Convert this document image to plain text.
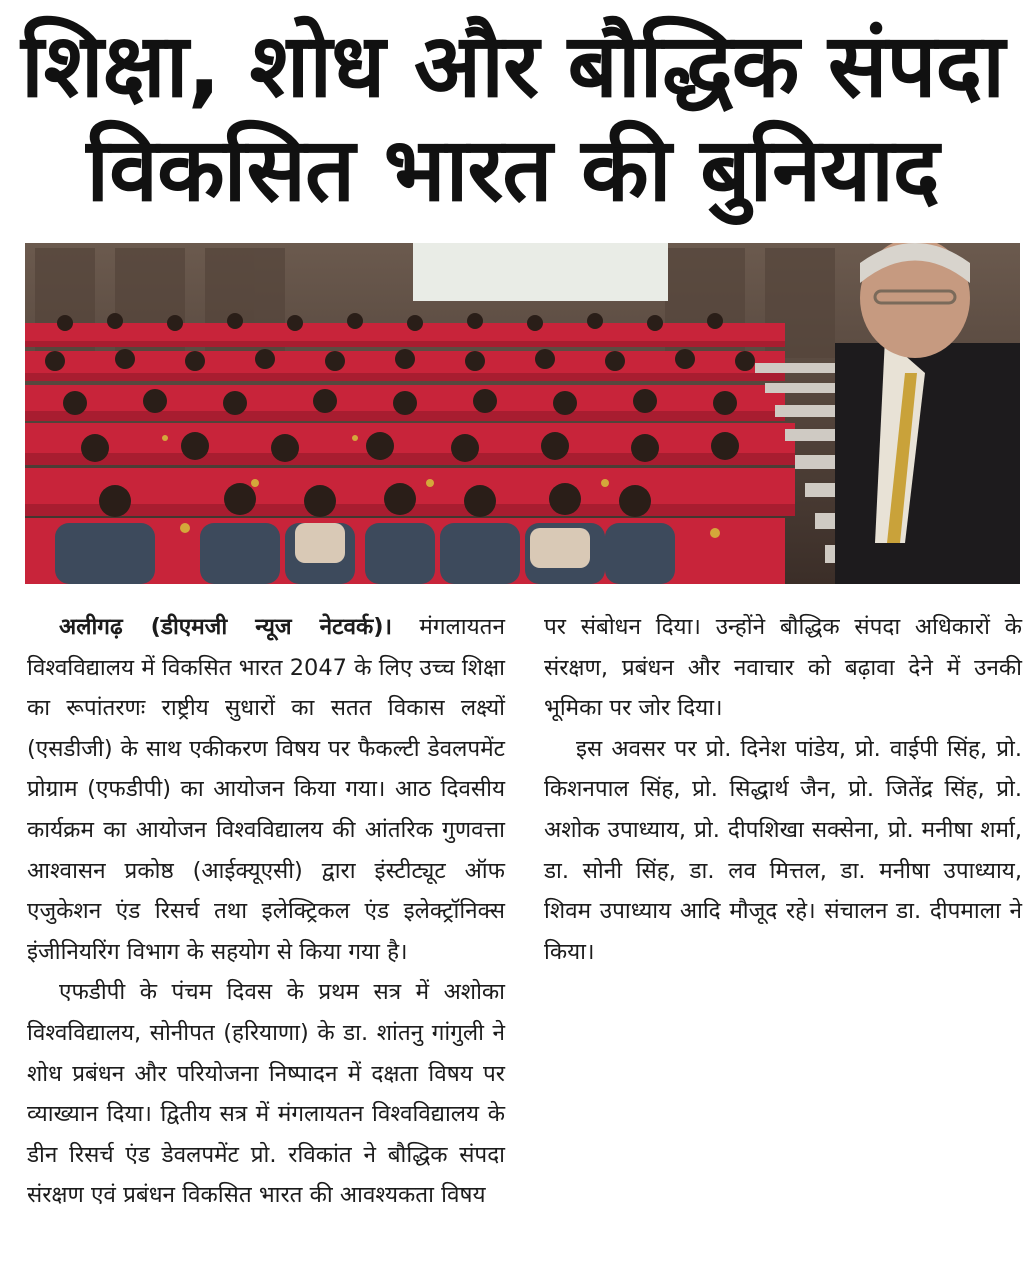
शिक्षा, शोध और बौद्धिक संपदा
विकसित भारत की बुनियाद

अलीगढ़ (डीएमजी न्यूज नेटवर्क)। मंगलायतन विश्वविद्यालय में विकसित भारत 2047 के लिए उच्च शिक्षा का रूपांतरणः राष्ट्रीय सुधारों का सतत विकास लक्ष्यों (एसडीजी) के साथ एकीकरण विषय पर फैकल्टी डेवलपमेंट प्रोग्राम (एफडीपी) का आयोजन किया गया। आठ दिवसीय कार्यक्रम का आयोजन विश्वविद्यालय की आंतरिक गुणवत्ता आश्वासन प्रकोष्ठ (आईक्यूएसी) द्वारा इंस्टीट्यूट ऑफ एजुकेशन एंड रिसर्च तथा इलेक्ट्रिकल एंड इलेक्ट्रॉनिक्स इंजीनियरिंग विभाग के सहयोग से किया गया है।

एफडीपी के पंचम दिवस के प्रथम सत्र में अशोका विश्वविद्यालय, सोनीपत (हरियाणा) के डा. शांतनु गांगुली ने शोध प्रबंधन और परियोजना निष्पादन में दक्षता विषय पर व्याख्यान दिया। द्वितीय सत्र में मंगलायतन विश्वविद्यालय के डीन रिसर्च एंड डेवलपमेंट प्रो. रविकांत ने बौद्धिक संपदा संरक्षण एवं प्रबंधन विकसित भारत की आवश्यकता विषय

पर संबोधन दिया। उन्होंने बौद्धिक संपदा अधिकारों के संरक्षण, प्रबंधन और नवाचार को बढ़ावा देने में उनकी भूमिका पर जोर दिया।

इस अवसर पर प्रो. दिनेश पांडेय, प्रो. वाईपी सिंह, प्रो. किशनपाल सिंह, प्रो. सिद्धार्थ जैन, प्रो. जितेंद्र सिंह, प्रो. अशोक उपाध्याय, प्रो. दीपशिखा सक्सेना, प्रो. मनीषा शर्मा, डा. सोनी सिंह, डा. लव मित्तल, डा. मनीषा उपाध्याय, शिवम उपाध्याय आदि मौजूद रहे। संचालन डा. दीपमाला ने किया।
